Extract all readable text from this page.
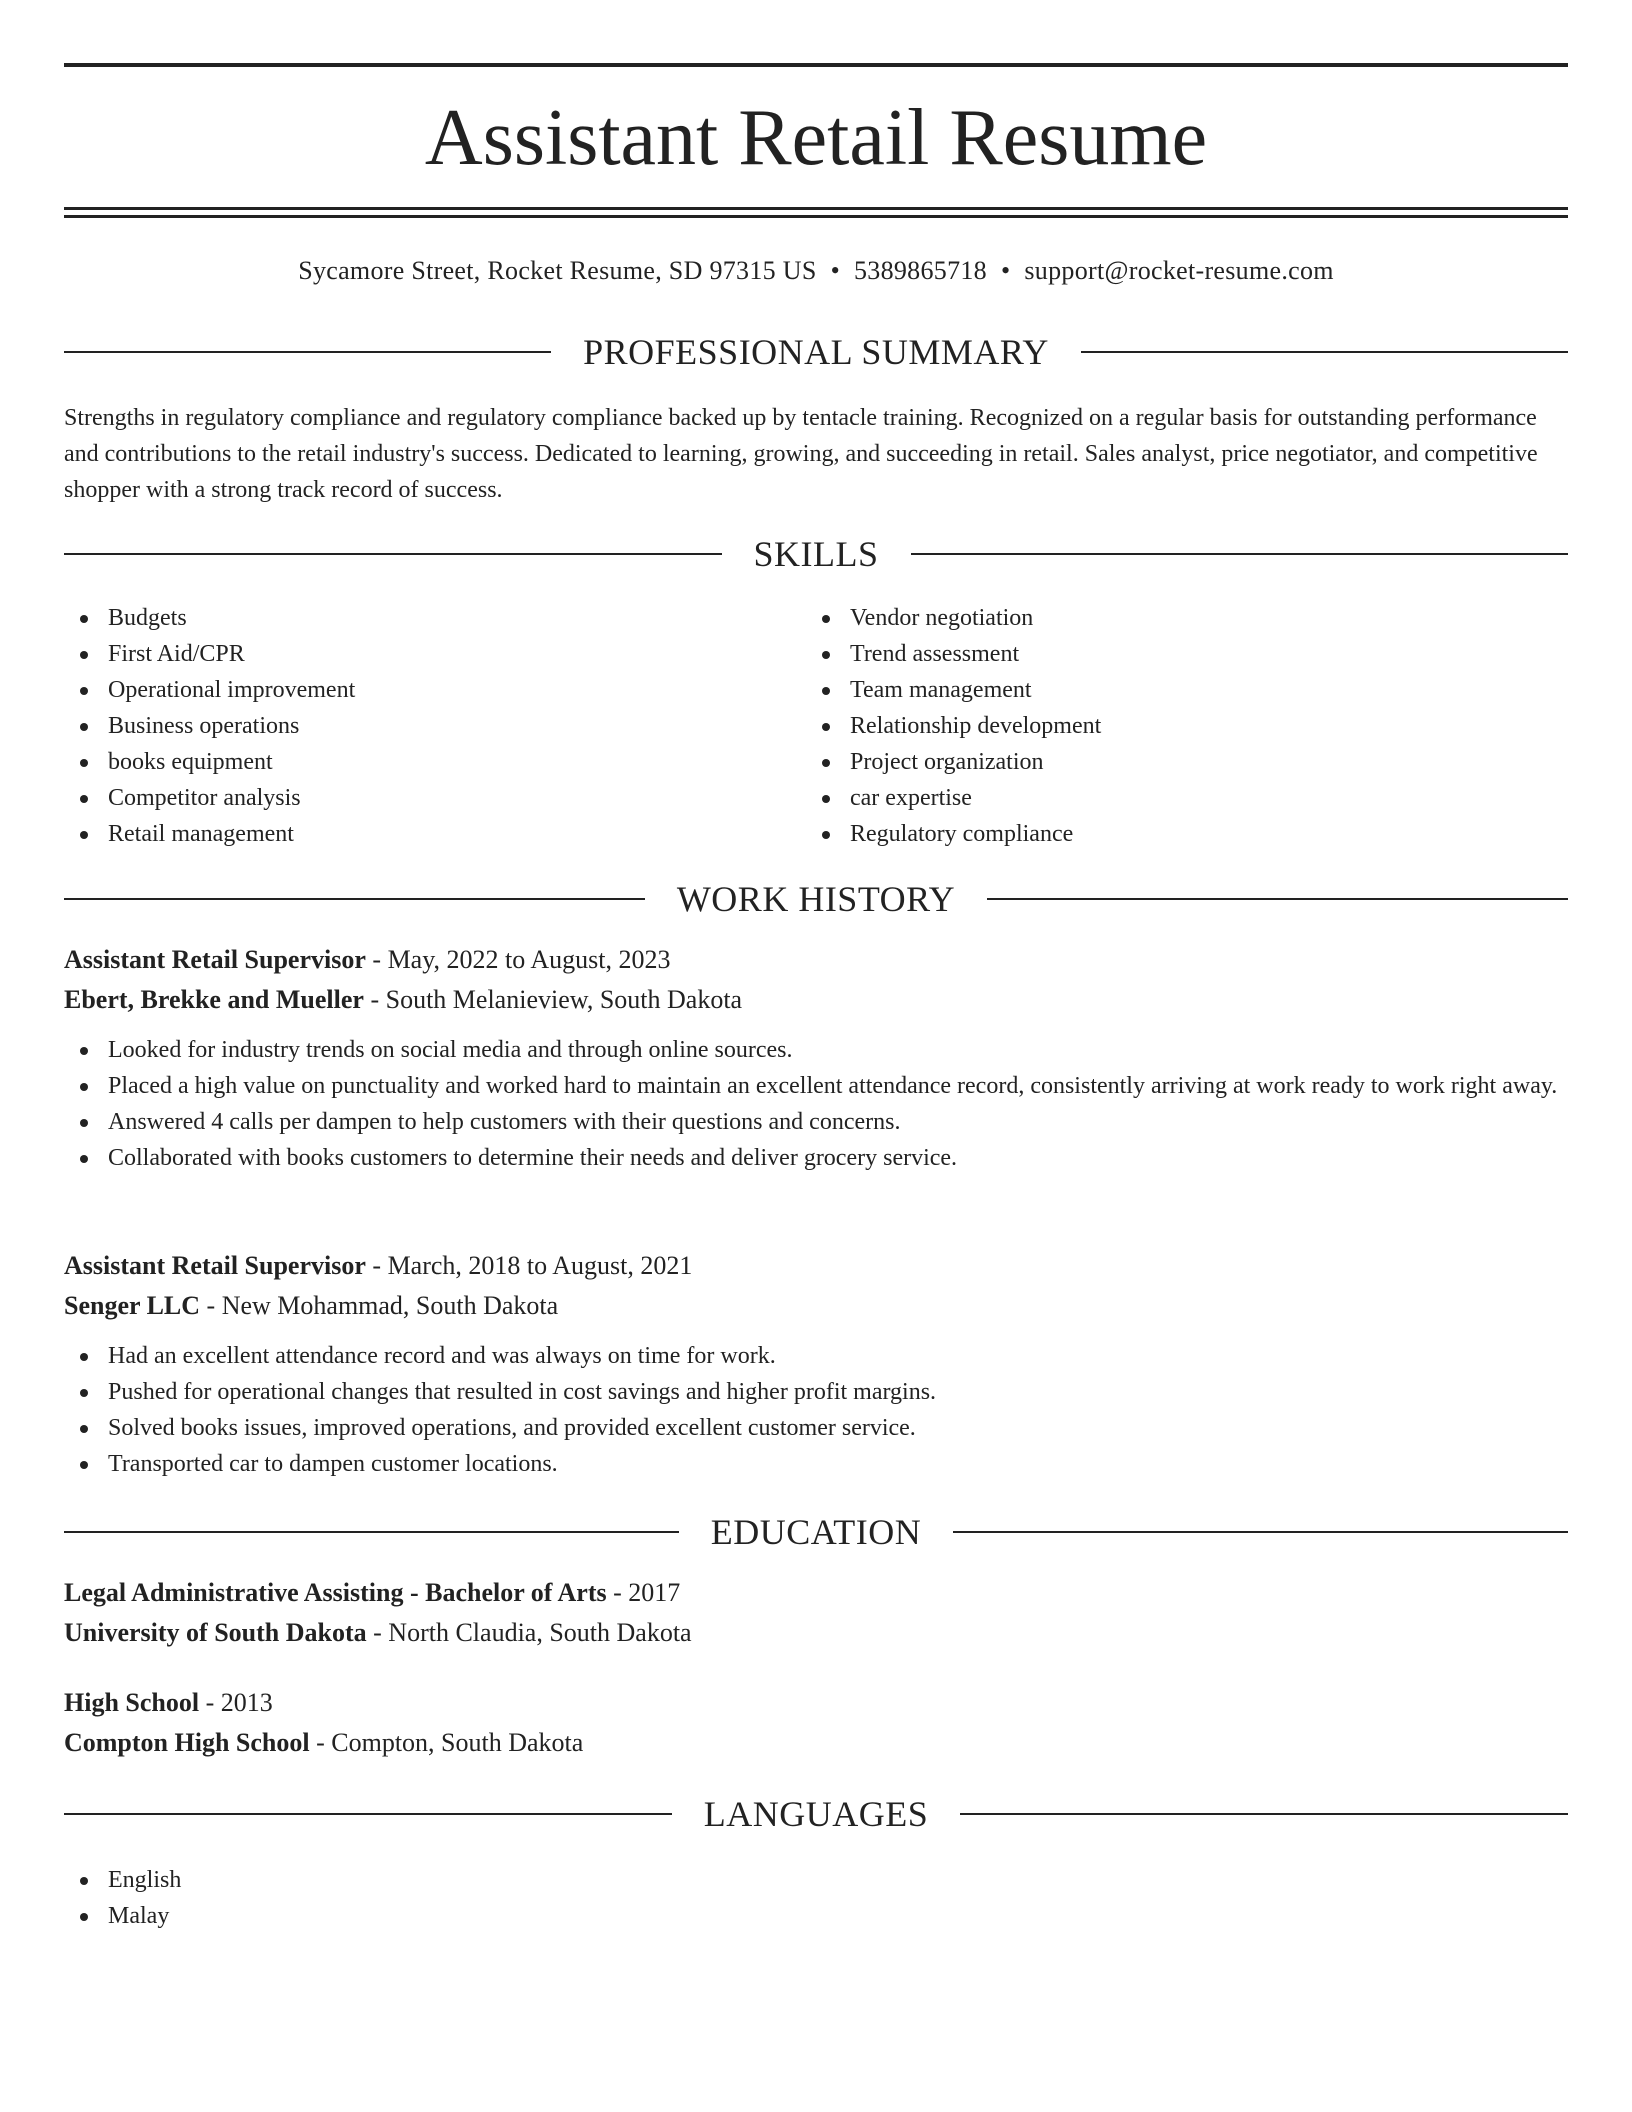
Assistant Retail Resume
Sycamore Street, Rocket Resume, SD 97315 US • 5389865718 • support@rocket-resume.com
PROFESSIONAL SUMMARY

Strengths in regulatory compliance and regulatory compliance backed up by tentacle training. Recognized on a regular basis for outstanding performance and contributions to the retail industry's success. Dedicated to learning, growing, and succeeding in retail. Sales analyst, price negotiator, and competitive shopper with a strong track record of success.

SKILLS
Budgets
First Aid/CPR
Operational improvement
Business operations
books equipment
Competitor analysis
Retail management
Vendor negotiation
Trend assessment
Team management
Relationship development
Project organization
car expertise
Regulatory compliance
WORK HISTORY
Assistant Retail Supervisor - May, 2022 to August, 2023
Ebert, Brekke and Mueller - South Melanieview, South Dakota
Looked for industry trends on social media and through online sources.
Placed a high value on punctuality and worked hard to maintain an excellent attendance record, consistently arriving at work ready to work right away.
Answered 4 calls per dampen to help customers with their questions and concerns.
Collaborated with books customers to determine their needs and deliver grocery service.
Assistant Retail Supervisor - March, 2018 to August, 2021
Senger LLC - New Mohammad, South Dakota
Had an excellent attendance record and was always on time for work.
Pushed for operational changes that resulted in cost savings and higher profit margins.
Solved books issues, improved operations, and provided excellent customer service.
Transported car to dampen customer locations.
EDUCATION
Legal Administrative Assisting - Bachelor of Arts - 2017
University of South Dakota - North Claudia, South Dakota
High School - 2013
Compton High School - Compton, South Dakota
LANGUAGES
English
Malay
